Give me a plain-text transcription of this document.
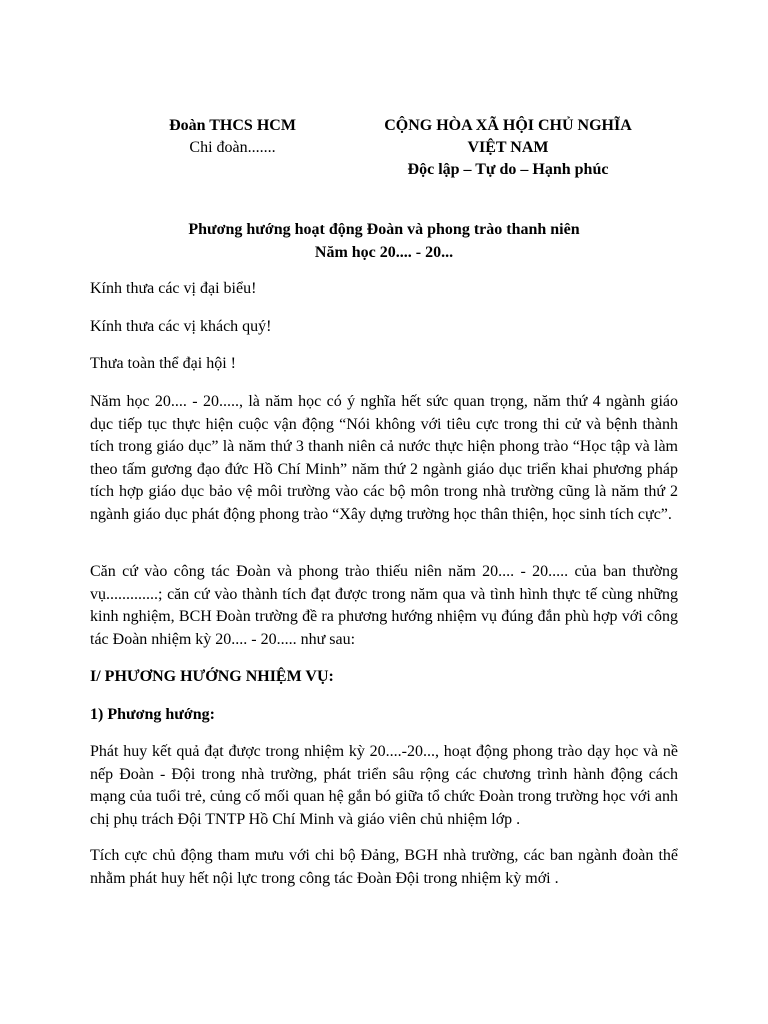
Đoàn THCS HCM
Chi đoàn.......
CỘNG HÒA XÃ HỘI CHỦ NGHĨA
VIỆT NAM
Độc lập – Tự do – Hạnh phúc
Phương hướng hoạt động Đoàn và phong trào thanh niên
Năm học 20.... - 20...

Kính thưa các vị đại biểu!

Kính thưa các vị khách quý!

Thưa toàn thể đại hội !

Năm học 20.... - 20....., là năm học có ý nghĩa hết sức quan trọng, năm thứ 4 ngành giáo dục tiếp tục thực hiện cuộc vận động “Nói không với tiêu cực trong thi cử và bệnh thành tích trong giáo dục” là năm thứ 3 thanh niên cả nước thực hiện phong trào “Học tập và làm theo tấm gương đạo đức Hồ Chí Minh” năm thứ 2 ngành giáo dục triển khai phương pháp tích hợp giáo dục bảo vệ môi trường vào các bộ môn trong nhà trường cũng là năm thứ 2 ngành giáo dục phát động phong trào “Xây dựng trường học thân thiện, học sinh tích cực”.

Căn cứ vào công tác Đoàn và phong trào thiếu niên năm 20.... - 20..... của ban thường vụ.............; căn cứ vào thành tích đạt được trong năm qua và tình hình thực tế cùng những kinh nghiệm, BCH Đoàn trường đề ra phương hướng nhiệm vụ đúng đắn phù hợp với công tác Đoàn nhiệm kỳ 20.... - 20..... như sau:

I/ PHƯƠNG HƯỚNG NHIỆM VỤ:

1) Phương hướng:

Phát huy kết quả đạt được trong nhiệm kỳ 20....-20..., hoạt động phong trào dạy học và nề nếp Đoàn - Đội trong nhà trường, phát triển sâu rộng các chương trình hành động cách mạng của tuổi trẻ, củng cố mối quan hệ gắn bó giữa tổ chức Đoàn trong trường học với anh chị phụ trách Đội TNTP Hồ Chí Minh và giáo viên chủ nhiệm lớp .

Tích cực chủ động tham mưu với chi bộ Đảng, BGH nhà trường, các ban ngành đoàn thể nhằm phát huy hết nội lực trong công tác Đoàn Đội trong nhiệm kỳ mới .
